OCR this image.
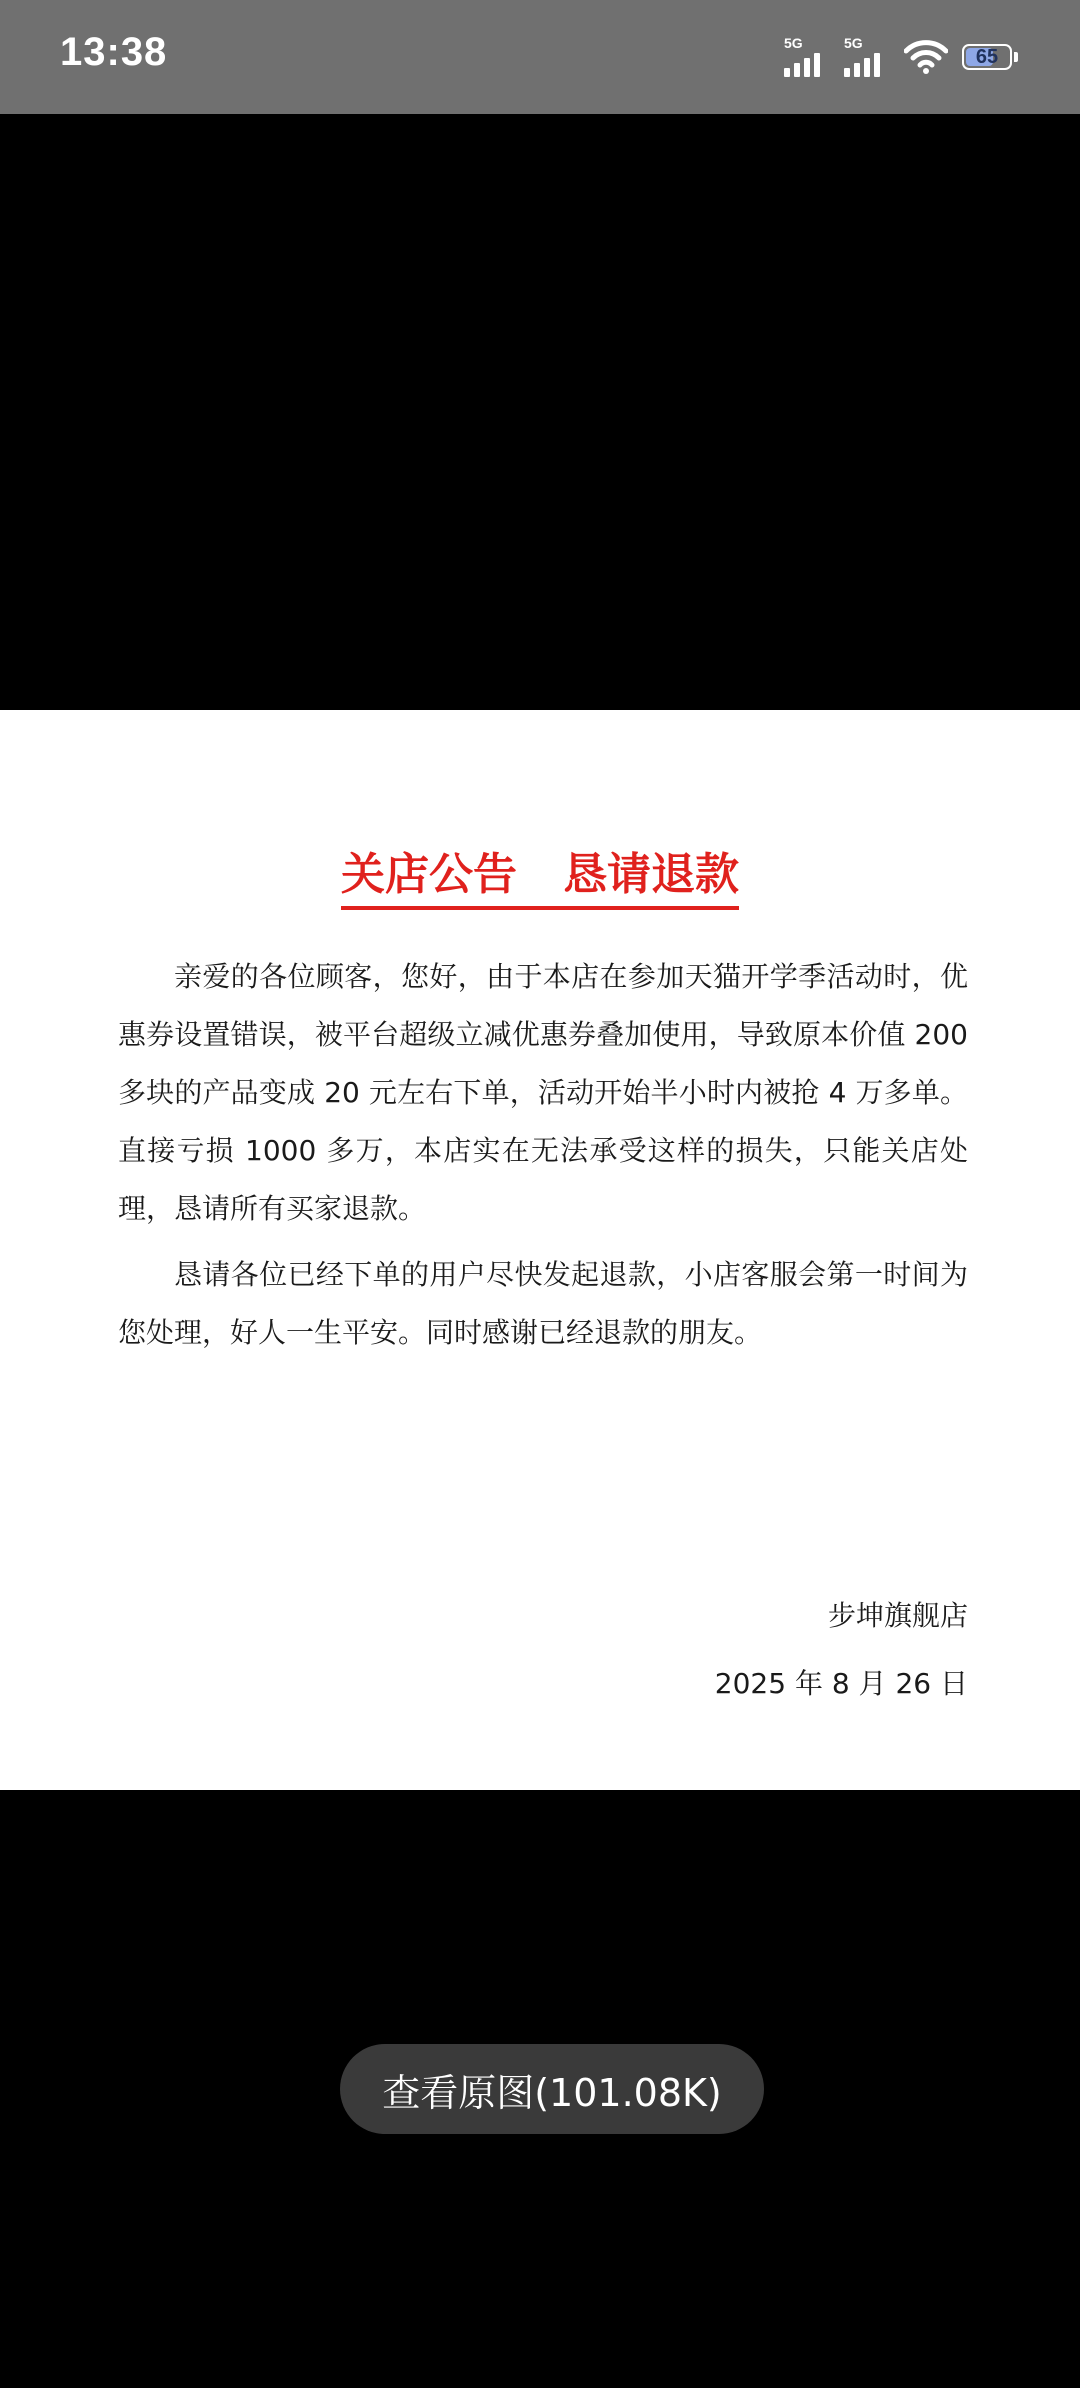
13:38	5G	5G
65
关店公告   恳请退款

亲爱的各位顾客，您好，由于本店在参加天猫开学季活动时，优惠券设置错误，被平台超级立减优惠券叠加使用，导致原本价值 200 多块的产品变成 20 元左右下单，活动开始半小时内被抢 4 万多单。直接亏损 1000 多万，本店实在无法承受这样的损失，只能关店处理，恳请所有买家退款。

恳请各位已经下单的用户尽快发起退款，小店客服会第一时间为您处理，好人一生平安。同时感谢已经退款的朋友。

步坤旗舰店
2025 年 8 月 26 日
查看原图(101.08K)
